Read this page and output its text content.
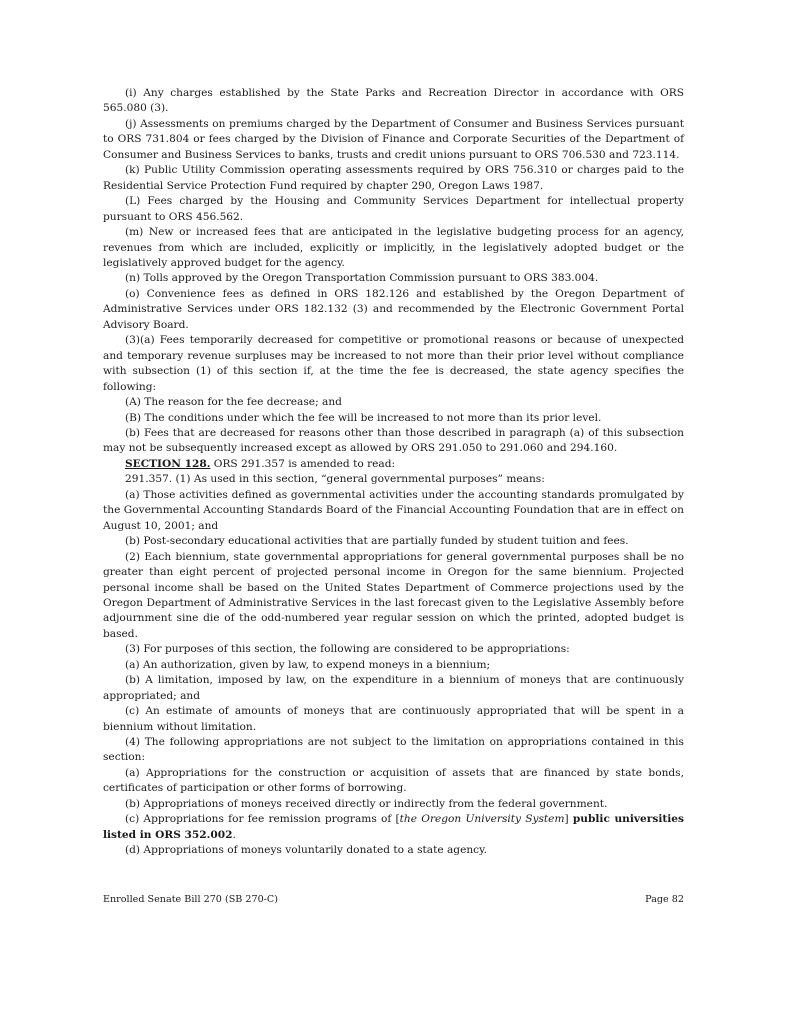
(i) Any charges established by the State Parks and Recreation Director in accordance with ORS 565.080 (3).

(j) Assessments on premiums charged by the Department of Consumer and Business Services pursuant to ORS 731.804 or fees charged by the Division of Finance and Corporate Securities of the Department of Consumer and Business Services to banks, trusts and credit unions pursuant to ORS 706.530 and 723.114.

(k) Public Utility Commission operating assessments required by ORS 756.310 or charges paid to the Residential Service Protection Fund required by chapter 290, Oregon Laws 1987.

(L) Fees charged by the Housing and Community Services Department for intellectual property pursuant to ORS 456.562.

(m) New or increased fees that are anticipated in the legislative budgeting process for an agency, revenues from which are included, explicitly or implicitly, in the legislatively adopted budget or the legislatively approved budget for the agency.

(n) Tolls approved by the Oregon Transportation Commission pursuant to ORS 383.004.

(o) Convenience fees as defined in ORS 182.126 and established by the Oregon Department of Administrative Services under ORS 182.132 (3) and recommended by the Electronic Government Portal Advisory Board.

(3)(a) Fees temporarily decreased for competitive or promotional reasons or because of unexpected and temporary revenue surpluses may be increased to not more than their prior level without compliance with subsection (1) of this section if, at the time the fee is decreased, the state agency specifies the following:

(A) The reason for the fee decrease; and

(B) The conditions under which the fee will be increased to not more than its prior level.

(b) Fees that are decreased for reasons other than those described in paragraph (a) of this subsection may not be subsequently increased except as allowed by ORS 291.050 to 291.060 and 294.160.

SECTION 128. ORS 291.357 is amended to read:

291.357. (1) As used in this section, “general governmental purposes” means:

(a) Those activities defined as governmental activities under the accounting standards promulgated by the Governmental Accounting Standards Board of the Financial Accounting Foundation that are in effect on August 10, 2001; and

(b) Post-secondary educational activities that are partially funded by student tuition and fees.

(2) Each biennium, state governmental appropriations for general governmental purposes shall be no greater than eight percent of projected personal income in Oregon for the same biennium. Projected personal income shall be based on the United States Department of Commerce projections used by the Oregon Department of Administrative Services in the last forecast given to the Legislative Assembly before adjournment sine die of the odd-numbered year regular session on which the printed, adopted budget is based.

(3) For purposes of this section, the following are considered to be appropriations:

(a) An authorization, given by law, to expend moneys in a biennium;

(b) A limitation, imposed by law, on the expenditure in a biennium of moneys that are continuously appropriated; and

(c) An estimate of amounts of moneys that are continuously appropriated that will be spent in a biennium without limitation.

(4) The following appropriations are not subject to the limitation on appropriations contained in this section:

(a) Appropriations for the construction or acquisition of assets that are financed by state bonds, certificates of participation or other forms of borrowing.

(b) Appropriations of moneys received directly or indirectly from the federal government.

(c) Appropriations for fee remission programs of [the Oregon University System] public universities listed in ORS 352.002.

(d) Appropriations of moneys voluntarily donated to a state agency.

Enrolled Senate Bill 270 (SB 270-C)	Page 82
